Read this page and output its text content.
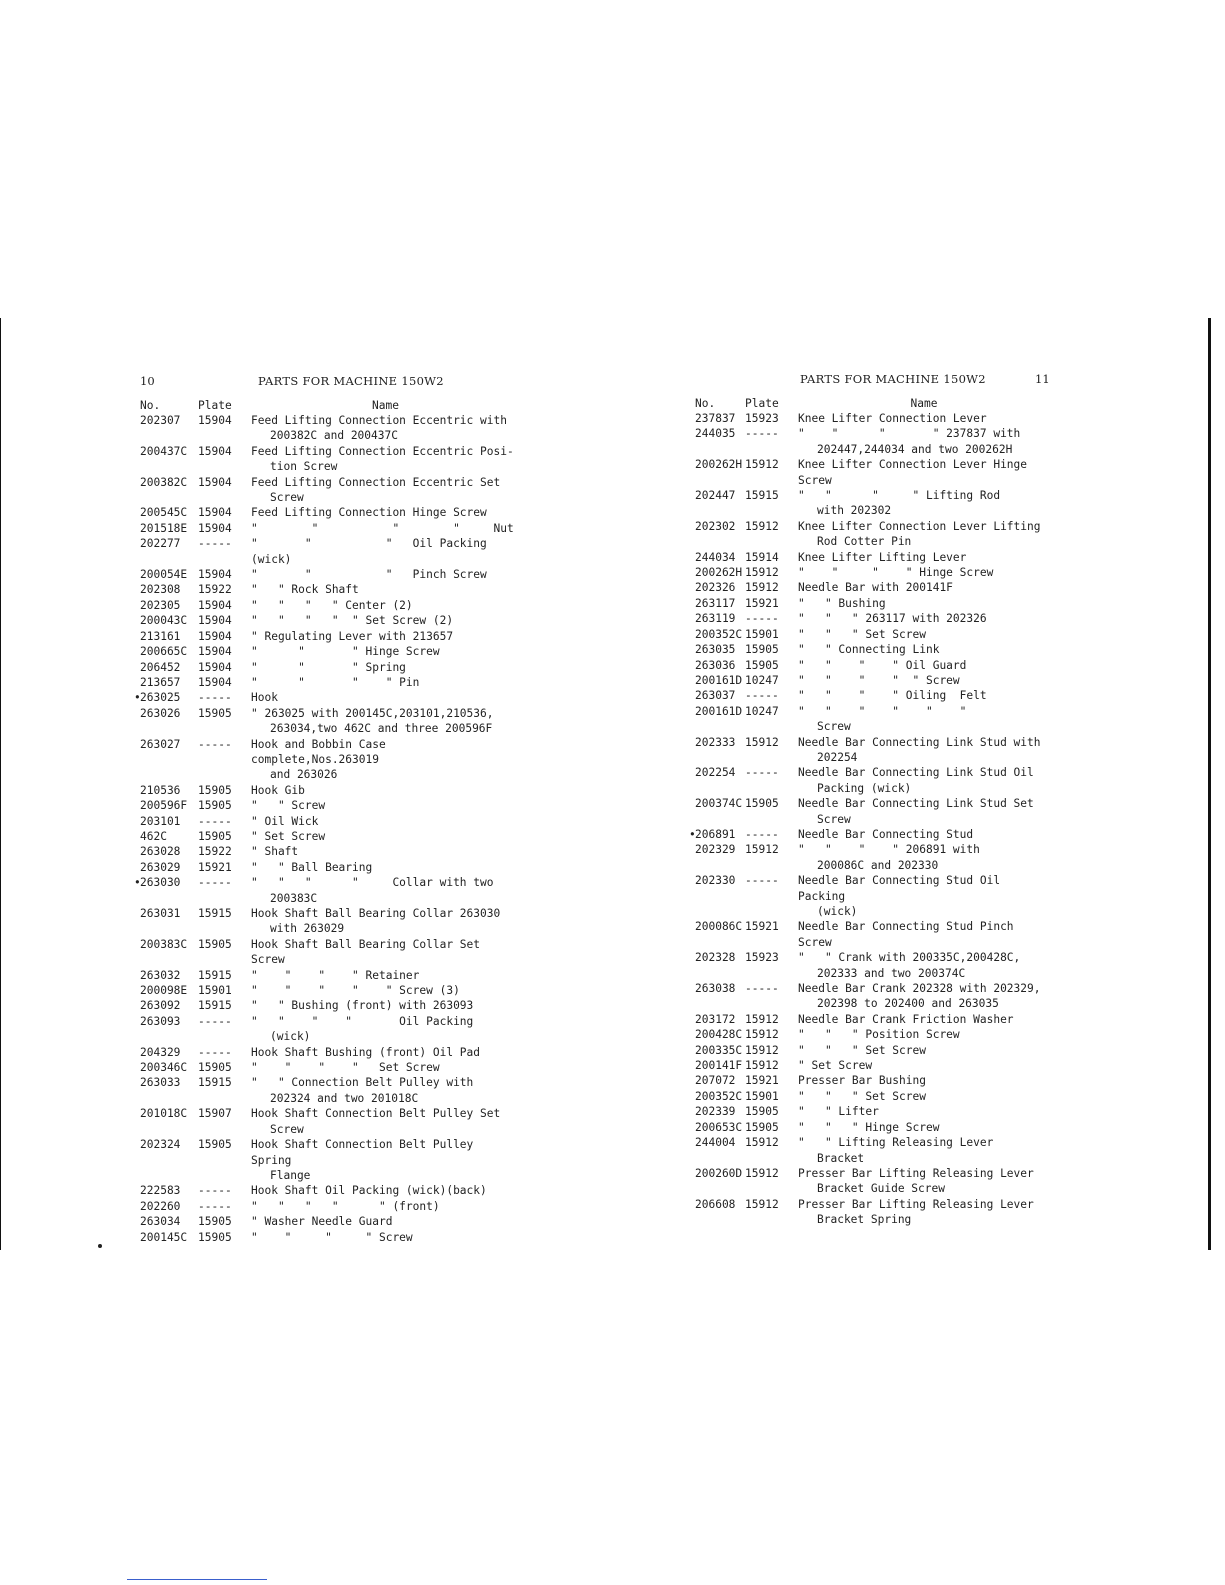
10	PARTS FOR MACHINE 150W2
No.	Plate	Name
202307	15904	Feed Lifting Connection Eccentric with
200382C and 200437C
200437C 15904	Feed Lifting Connection Eccentric Posi-
tion Screw
200382C 15904	Feed Lifting Connection Eccentric Set
Screw
200545C 15904	Feed Lifting Connection Hinge Screw
201518E 15904	"        "           "        "     Nut
202277	-----	"       "           "   Oil Packing (wick)
200054E 15904	"       "           "   Pinch Screw
202308	15922	"   " Rock Shaft
202305	15904	"   "   "   " Center (2)
200043C 15904	"   "   "   "  " Set Screw (2)
213161	15904	" Regulating Lever with 213657
200665C 15904	"      "       " Hinge Screw
206452	15904	"      "       " Spring
213657	15904	"      "       "    " Pin
• 263025	-----	Hook
263026	15905	" 263025 with 200145C,203101,210536,
263034,two 462C and three 200596F
263027	-----	Hook and Bobbin Case complete,Nos.263019
and 263026
210536	15905	Hook Gib
200596F 15905	"   " Screw
203101	-----	" Oil Wick
462C	15905	" Set Screw
263028	15922	" Shaft
263029	15921	"   " Ball Bearing
• 263030	-----	"   "   "      "     Collar with two
200383C
263031	15915	Hook Shaft Ball Bearing Collar 263030
with 263029
200383C 15905	Hook Shaft Ball Bearing Collar Set Screw
263032	15915	"    "    "    " Retainer
200098E 15901	"    "    "    "    " Screw (3)
263092	15915	"   " Bushing (front) with 263093
263093	-----	"   "    "    "       Oil Packing
(wick)
204329	-----	Hook Shaft Bushing (front) Oil Pad
200346C 15905	"    "    "    "   Set Screw
263033	15915	"   " Connection Belt Pulley with
202324 and two 201018C
201018C 15907	Hook Shaft Connection Belt Pulley Set
Screw
202324	15905	Hook Shaft Connection Belt Pulley Spring
Flange
222583	-----	Hook Shaft Oil Packing (wick)(back)
202260	-----	"   "   "   "      " (front)
263034	15905	" Washer Needle Guard
200145C 15905	"    "     "     " Screw
PARTS FOR MACHINE 150W2	11
No.	Plate	Name
237837 15923	Knee Lifter Connection Lever
244035 -----	"    "      "       " 237837 with
202447,244034 and two 200262H
200262H 15912	Knee Lifter Connection Lever Hinge Screw
202447 15915	"   "      "     " Lifting Rod
with 202302
202302 15912	Knee Lifter Connection Lever Lifting
Rod Cotter Pin
244034 15914	Knee Lifter Lifting Lever
200262H 15912	"    "     "    " Hinge Screw
202326 15912	Needle Bar with 200141F
263117 15921	"   " Bushing
263119 -----	"   "   " 263117 with 202326
200352C 15901	"   "   " Set Screw
263035 15905	"   " Connecting Link
263036 15905	"   "    "    " Oil Guard
200161D 10247	"   "    "    "  " Screw
263037 -----	"   "    "    " Oiling  Felt
200161D 10247	"   "    "    "    "    "
Screw
202333 15912	Needle Bar Connecting Link Stud with
202254
202254 -----	Needle Bar Connecting Link Stud Oil
Packing (wick)
200374C 15905	Needle Bar Connecting Link Stud Set
Screw
• 206891 -----	Needle Bar Connecting Stud
202329 15912	"   "    "    " 206891 with
200086C and 202330
202330 -----	Needle Bar Connecting Stud Oil Packing
(wick)
200086C 15921	Needle Bar Connecting Stud Pinch Screw
202328 15923	"   " Crank with 200335C,200428C,
202333 and two 200374C
263038 -----	Needle Bar Crank 202328 with 202329,
202398 to 202400 and 263035
203172 15912	Needle Bar Crank Friction Washer
200428C 15912	"   "   " Position Screw
200335C 15912	"   "   " Set Screw
200141F 15912	" Set Screw
207072 15921	Presser Bar Bushing
200352C 15901	"   "   " Set Screw
202339 15905	"   " Lifter
200653C 15905	"   "   " Hinge Screw
244004 15912	"   " Lifting Releasing Lever
Bracket
200260D 15912	Presser Bar Lifting Releasing Lever
Bracket Guide Screw
206608 15912	Presser Bar Lifting Releasing Lever
Bracket Spring
